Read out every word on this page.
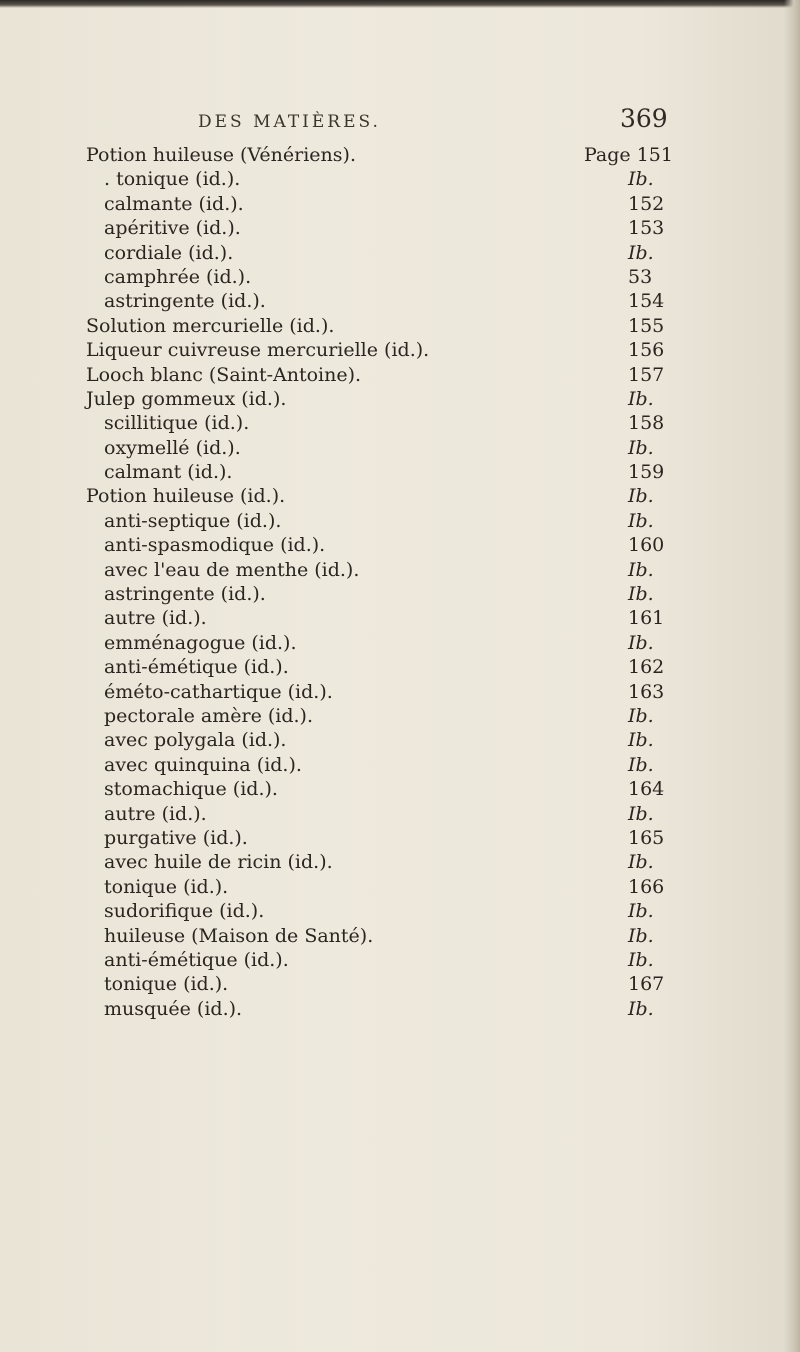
DES MATIÈRES.	369
Potion huileuse (Vénériens).	Page 151
. tonique (id.).	Ib.
calmante (id.).	152
apéritive (id.).	153
cordiale (id.).	Ib.
camphrée (id.).	53
astringente (id.).	154
Solution mercurielle (id.).	155
Liqueur cuivreuse mercurielle (id.).	156
Looch blanc (Saint-Antoine).	157
Julep gommeux (id.).	Ib.
scillitique (id.).	158
oxymellé (id.).	Ib.
calmant (id.).	159
Potion huileuse (id.).	Ib.
anti-septique (id.).	Ib.
anti-spasmodique (id.).	160
avec l'eau de menthe (id.).	Ib.
astringente (id.).	Ib.
autre (id.).	161
emménagogue (id.).	Ib.
anti-émétique (id.).	162
éméto-cathartique (id.).	163
pectorale amère (id.).	Ib.
avec polygala (id.).	Ib.
avec quinquina (id.).	Ib.
stomachique (id.).	164
autre (id.).	Ib.
purgative (id.).	165
avec huile de ricin (id.).	Ib.
tonique (id.).	166
sudorifique (id.).	Ib.
huileuse (Maison de Santé).	Ib.
anti-émétique (id.).	Ib.
tonique (id.).	167
musquée (id.).	Ib.
